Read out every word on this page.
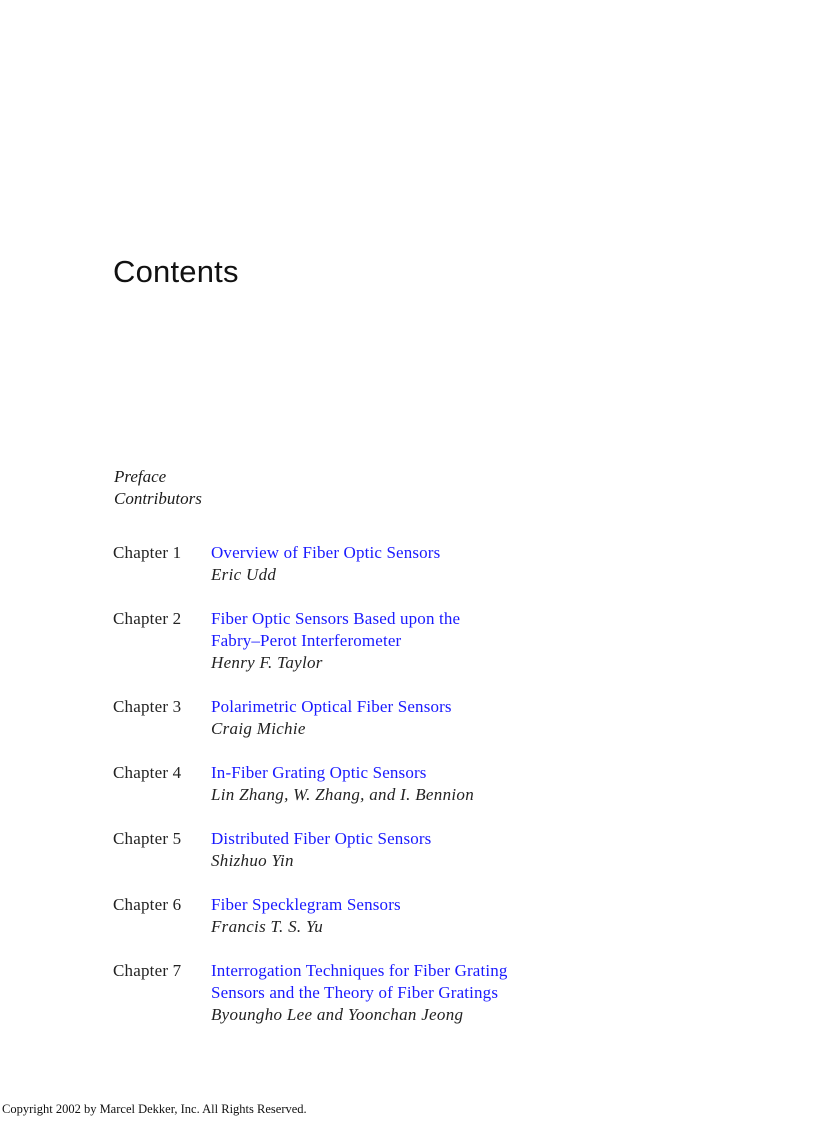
Contents
Preface
Contributors
Chapter 1	Overview of Fiber Optic Sensors
Eric Udd
Chapter 2	Fiber Optic Sensors Based upon the
Fabry–Perot Interferometer
Henry F. Taylor
Chapter 3	Polarimetric Optical Fiber Sensors
Craig Michie
Chapter 4	In-Fiber Grating Optic Sensors
Lin Zhang, W. Zhang, and I. Bennion
Chapter 5	Distributed Fiber Optic Sensors
Shizhuo Yin
Chapter 6	Fiber Specklegram Sensors
Francis T. S. Yu
Chapter 7	Interrogation Techniques for Fiber Grating
Sensors and the Theory of Fiber Gratings
Byoungho Lee and Yoonchan Jeong
Copyright 2002 by Marcel Dekker, Inc. All Rights Reserved.
